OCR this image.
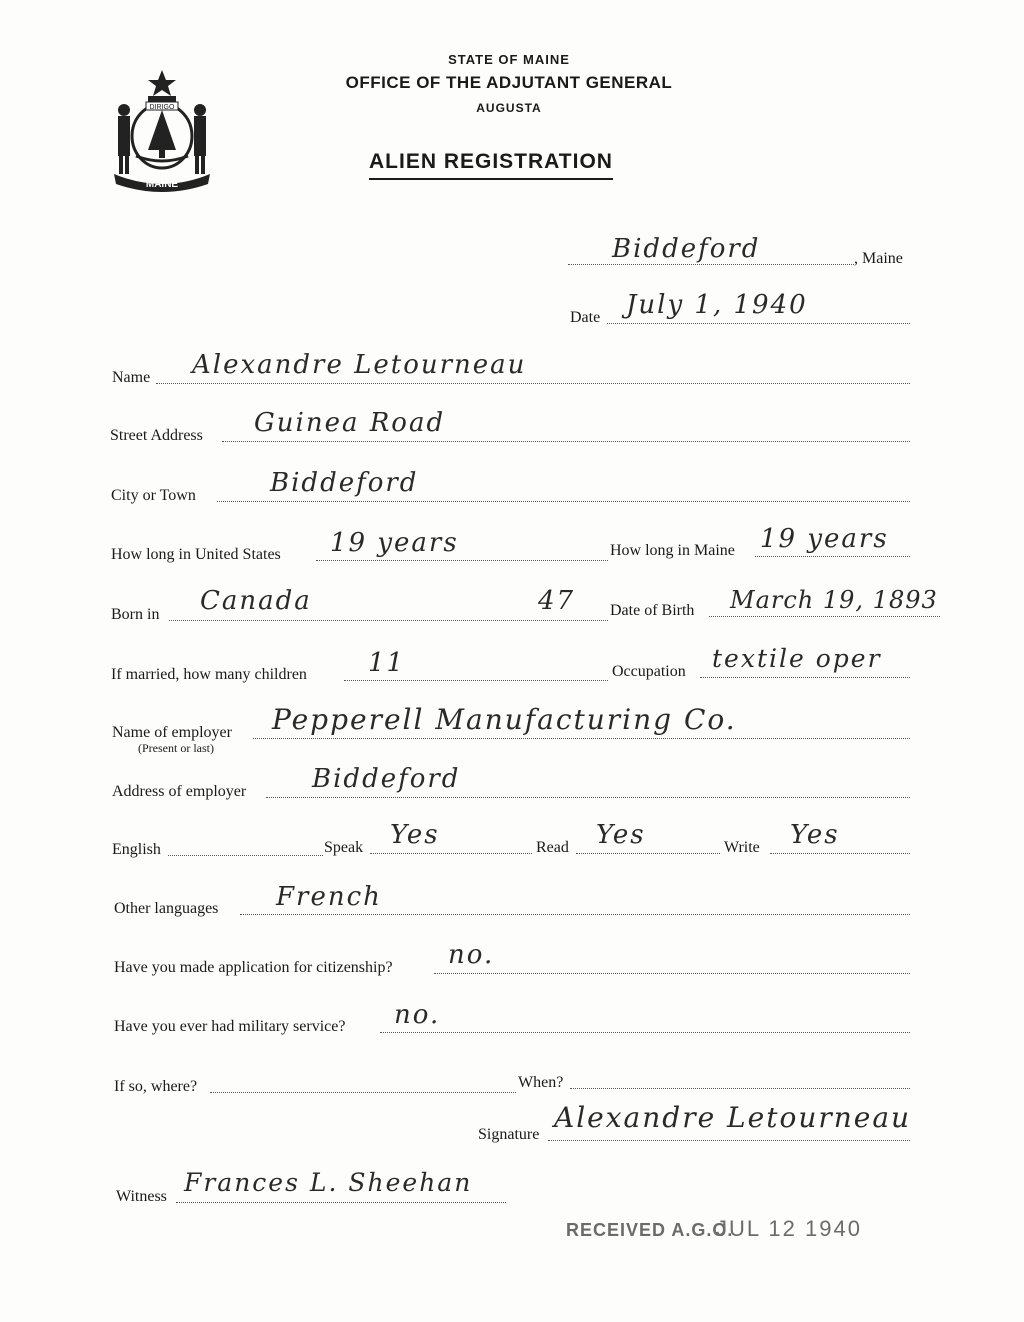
MAINE
DIRIGO
STATE OF MAINE
OFFICE OF THE ADJUTANT GENERAL
AUGUSTA
ALIEN REGISTRATION
Biddeford	, Maine
Date July 1, 1940
Name Alexandre Letourneau
Street Address Guinea Road
City or Town	Biddeford
How long in United States 19 years	How long in Maine 19 years
Born in Canada	47 Date of Birth March 19, 1893
If married, how many children 11	Occupation textile oper
Name of employer
(Present or last)
Pepperell Manufacturing Co.
Address of employer	Biddeford
English	Speak Yes	Read Yes	Write Yes
Other languages French
Have you made application for citizenship? no.
Have you ever had military service? no.
If so, where?	When?
Signature
Alexandre Letourneau
Witness Frances L. Sheehan
RECEIVED A.G.O.
JUL 12 1940
